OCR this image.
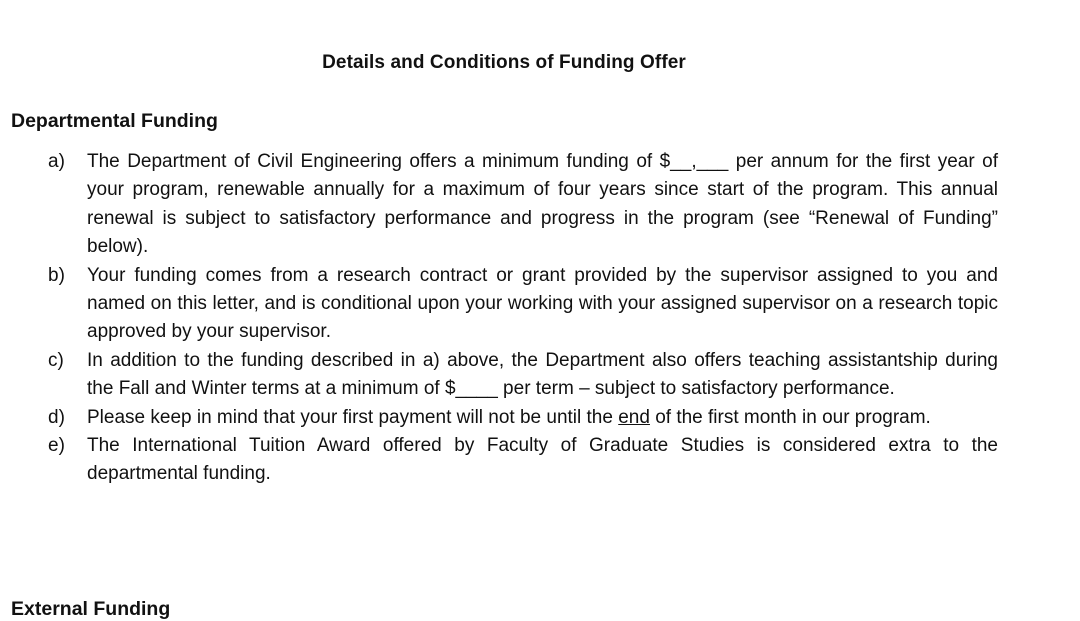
Details and Conditions of Funding Offer
Departmental Funding
a)	The Department of Civil Engineering offers a minimum funding of $__,___ per annum for the first year of your program, renewable annually for a maximum of four years since start of the program. This annual renewal is subject to satisfactory performance and progress in the program (see “Renewal of Funding” below).
b)	Your funding comes from a research contract or grant provided by the supervisor assigned to you and named on this letter, and is conditional upon your working with your assigned supervisor on a research topic approved by your supervisor.
c)	In addition to the funding described in a) above, the Department also offers teaching assistantship during the Fall and Winter terms at a minimum of $____ per term – subject to satisfactory performance.
d)	Please keep in mind that your first payment will not be until the end of the first month in our program.
e)	The International Tuition Award offered by Faculty of Graduate Studies is considered extra to the departmental funding.
External Funding
